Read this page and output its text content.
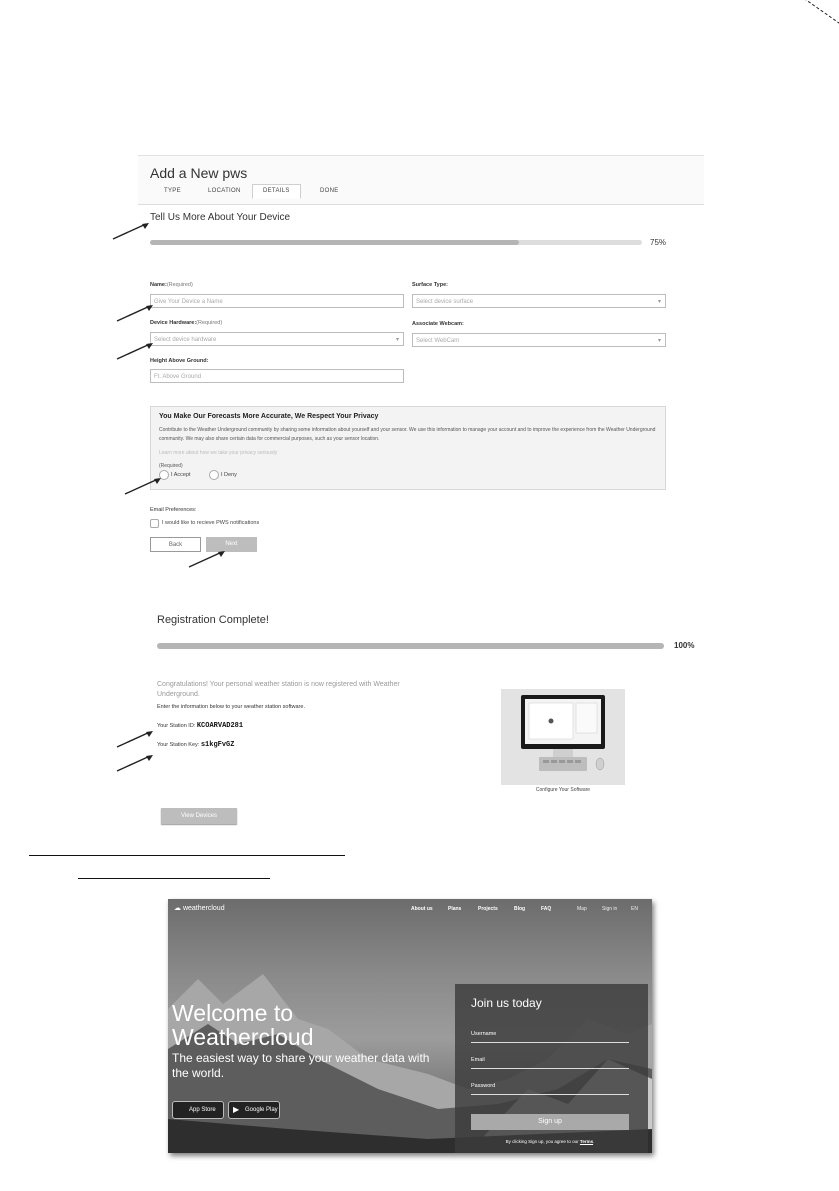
Add a New pws
TYPE	LOCATION	DETAILS	DONE
Tell Us More About Your Device
75%
Name:(Required)
Give Your Device a Name
Device Hardware:(Required)
Select device hardware	▾
Height Above Ground:
Ft. Above Ground
Surface Type:
Select device surface	▾
Associate Webcam:
Select WebCam	▾
You Make Our Forecasts More Accurate, We Respect Your Privacy
Contribute to the Weather Underground community by sharing some information about yourself and your sensor. We use this information to manage your account and to improve the experience from the Weather Underground community. We may also share certain data for commercial purposes, such as your sensor location.
Learn more about how we take your privacy seriously
(Required)
I Accept	I Deny
Email Preferences:
I would like to recieve PWS notifications
Back	Next
Registration Complete!
100%
Congratulations! Your personal weather station is now registered with Weather Underground.
Enter the information below to your weather station software.
Your Station ID: KCOARVAD281
Your Station Key: s1kgFvGZ
Configure Your Software
View Devices
☁ weathercloud	About us	Plans	Projects	Blog	FAQ	Map	Sign in	EN
Welcome to Weathercloud
The easiest way to share your weather data with the world.
App Store ▶ Google Play
Join us today
Username
Email
Password
Sign up
By clicking Sign up, you agree to our Terms.
